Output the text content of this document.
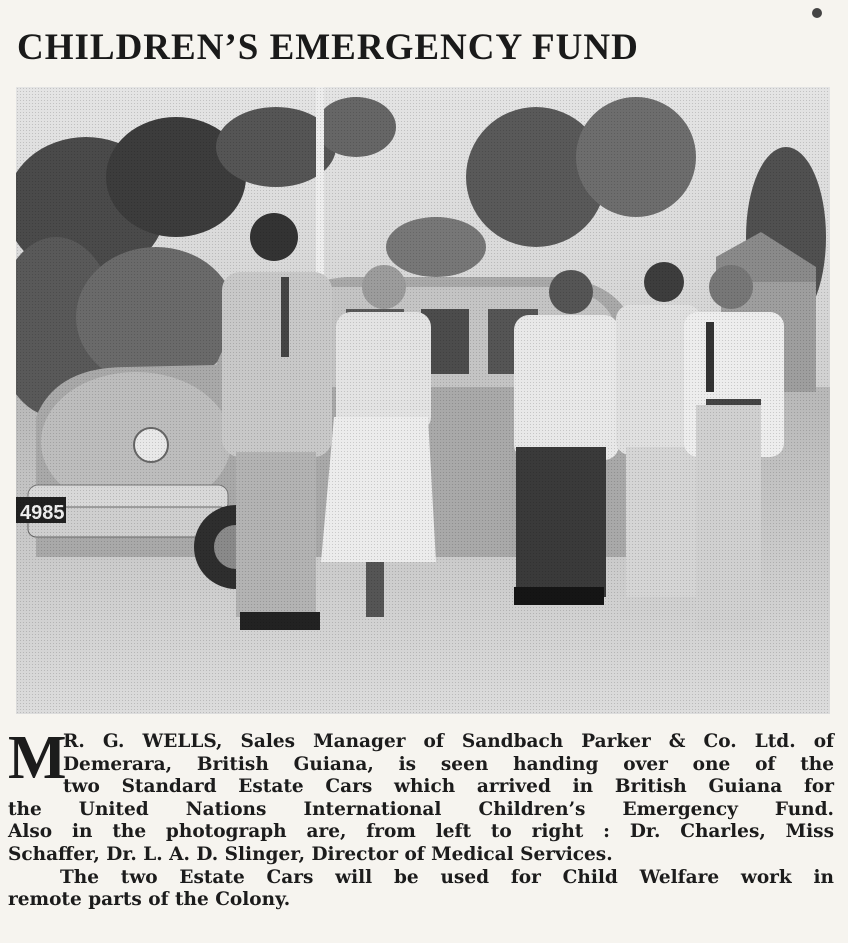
CHILDREN’S EMERGENCY FUND
M
R. G. WELLS, Sales Manager of Sandbach Parker & Co. Ltd. of
Demerara, British Guiana, is seen handing over one of the
two Standard Estate Cars which arrived in British Guiana for
the United Nations International Children’s Emergency Fund.
Also in the photograph are, from left to right : Dr. Charles, Miss
Schaffer, Dr. L. A. D. Slinger, Director of Medical Services.
The two Estate Cars will be used for Child Welfare work in
remote parts of the Colony.
